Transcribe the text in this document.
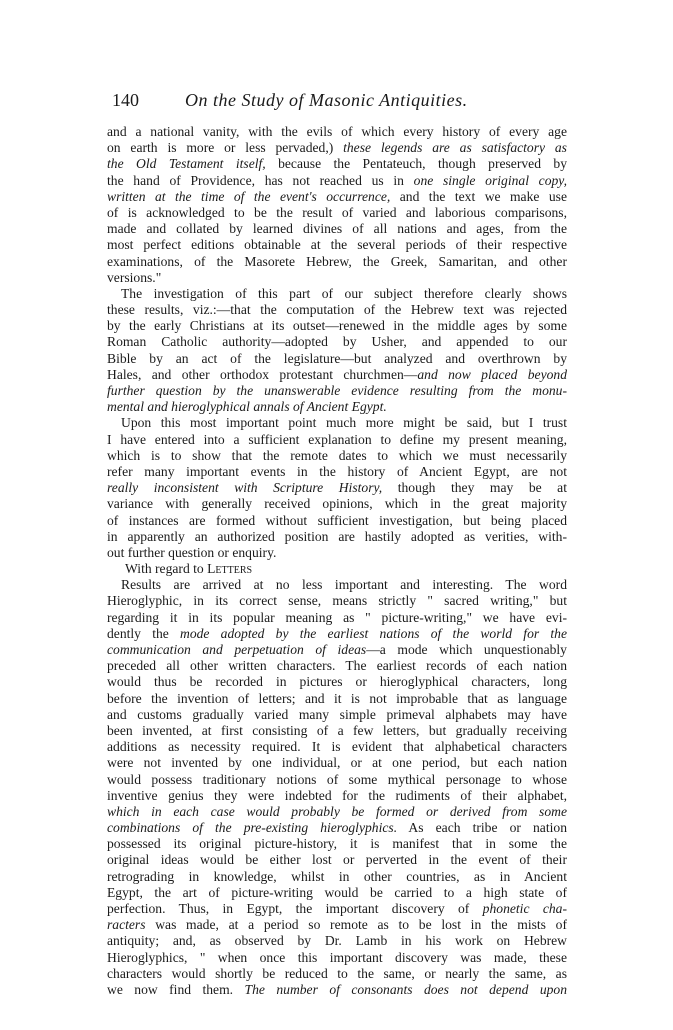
140	On the Study of Masonic Antiquities.
and a national vanity, with the evils of which every history of every age
on earth is more or less pervaded,) these legends are as satisfactory as
the Old Testament itself, because the Pentateuch, though preserved by
the hand of Providence, has not reached us in one single original copy,
written at the time of the event's occurrence, and the text we make use
of is acknowledged to be the result of varied and laborious comparisons,
made and collated by learned divines of all nations and ages, from the
most perfect editions obtainable at the several periods of their respective
examinations, of the Masorete Hebrew, the Greek, Samaritan, and other
versions."
The investigation of this part of our subject therefore clearly shows
these results, viz.:—that the computation of the Hebrew text was rejected
by the early Christians at its outset—renewed in the middle ages by some
Roman Catholic authority—adopted by Usher, and appended to our
Bible by an act of the legislature—but analyzed and overthrown by
Hales, and other orthodox protestant churchmen—and now placed beyond
further question by the unanswerable evidence resulting from the monu-
mental and hieroglyphical annals of Ancient Egypt.
Upon this most important point much more might be said, but I trust
I have entered into a sufficient explanation to define my present meaning,
which is to show that the remote dates to which we must necessarily
refer many important events in the history of Ancient Egypt, are not
really inconsistent with Scripture History, though they may be at
variance with generally received opinions, which in the great majority
of instances are formed without sufficient investigation, but being placed
in apparently an authorized position are hastily adopted as verities, with-
out further question or enquiry.
With regard to Letters
Results are arrived at no less important and interesting. The word
Hieroglyphic, in its correct sense, means strictly " sacred writing," but
regarding it in its popular meaning as " picture-writing," we have evi-
dently the mode adopted by the earliest nations of the world for the
communication and perpetuation of ideas—a mode which unquestionably
preceded all other written characters. The earliest records of each nation
would thus be recorded in pictures or hieroglyphical characters, long
before the invention of letters; and it is not improbable that as language
and customs gradually varied many simple primeval alphabets may have
been invented, at first consisting of a few letters, but gradually receiving
additions as necessity required. It is evident that alphabetical characters
were not invented by one individual, or at one period, but each nation
would possess traditionary notions of some mythical personage to whose
inventive genius they were indebted for the rudiments of their alphabet,
which in each case would probably be formed or derived from some
combinations of the pre-existing hieroglyphics. As each tribe or nation
possessed its original picture-history, it is manifest that in some the
original ideas would be either lost or perverted in the event of their
retrograding in knowledge, whilst in other countries, as in Ancient
Egypt, the art of picture-writing would be carried to a high state of
perfection. Thus, in Egypt, the important discovery of phonetic cha-
racters was made, at a period so remote as to be lost in the mists of
antiquity; and, as observed by Dr. Lamb in his work on Hebrew
Hieroglyphics, " when once this important discovery was made, these
characters would shortly be reduced to the same, or nearly the same, as
we now find them. The number of consonants does not depend upon
